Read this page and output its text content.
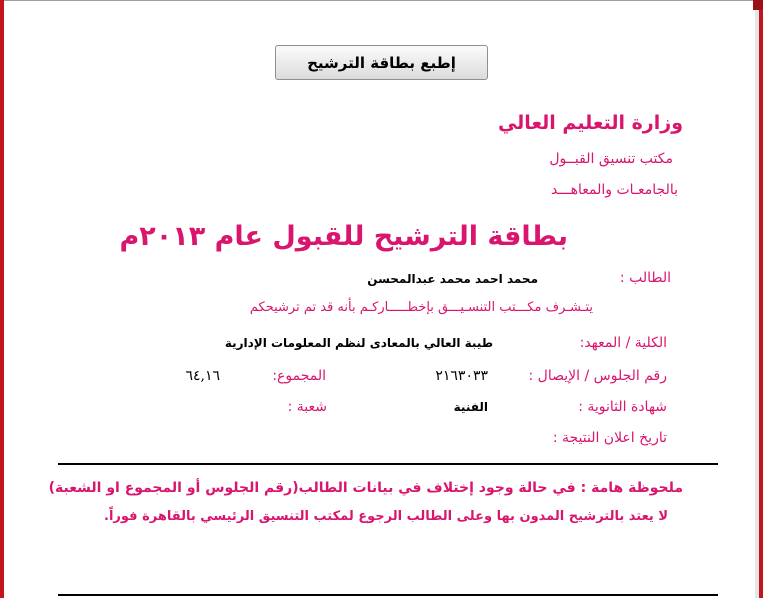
إطبع بطاقة الترشيح
وزارة التعليم العالي
مكتب تنسيق القبــول
بالجامعـات والمعاهـــد
بطاقة الترشيح للقبول عام ٢٠١٣م
الطالب :
محمد احمد محمد عبدالمحسن
يتـشـرف مكـــتب التنسـيـــق بإخطـــــاركـم بأنه قد تم ترشيحكم
الكلية / المعهد:
طيبة العالي بالمعادى لنظم المعلومات الإدارية
رقم الجلوس / الإيصال :
٢١٦٣٠٣٣
المجموع:
٦٤,١٦
شهادة الثانوية :
الفنية
شعبة :
تاريخ اعلان النتيجة :
ملحوظة هامة : في حالة وجود إختلاف في بيانات الطالب(رقم الجلوس أو المجموع او الشعبة)
لا يعتد بالترشيح المدون بها وعلى الطالب الرجوع لمكتب التنسيق الرئيسي بالقاهرة فوراً.
